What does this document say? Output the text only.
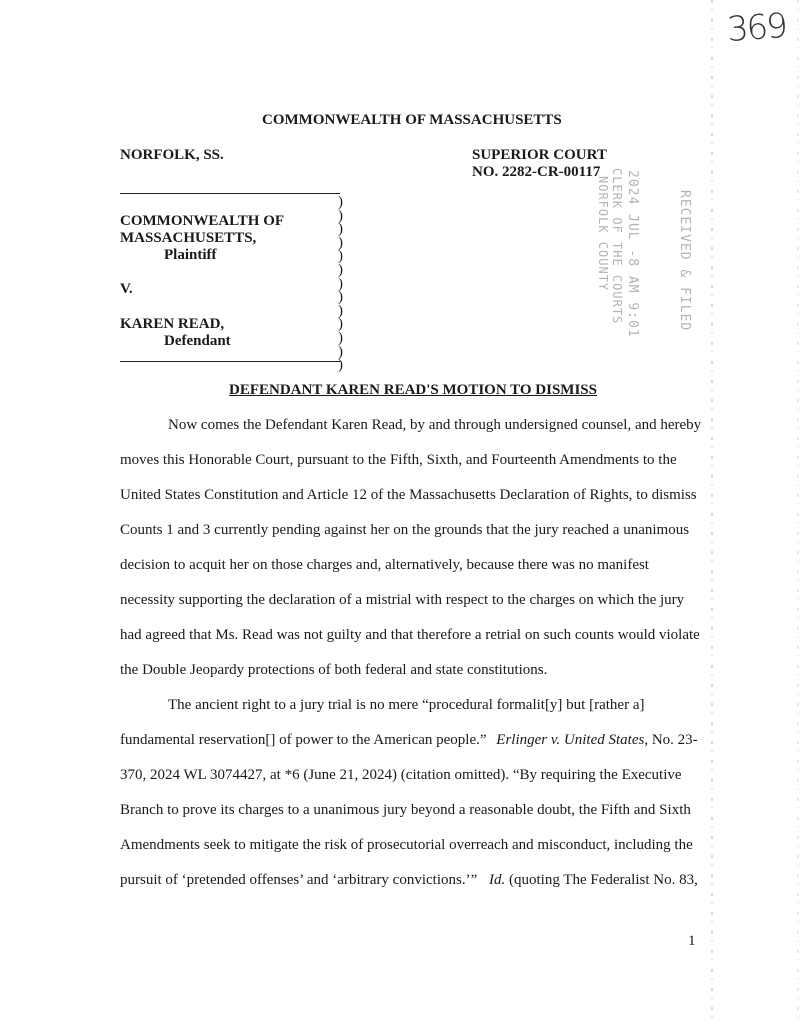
369
COMMONWEALTH OF MASSACHUSETTS
NORFOLK, SS.	SUPERIOR COURT
NO. 2282-CR-00117
COMMONWEALTH OF
MASSACHUSETTS,
Plaintiff
V.
KAREN READ,
Defendant
)
)
)
)
)
)
)
)
)
)
)
)
)
2024 JUL -8 AM 9:01	RECEIVED & FILED
CLERK OF THE COURTS
NORFOLK COUNTY
DEFENDANT KAREN READ'S MOTION TO DISMISS
Now comes the Defendant Karen Read, by and through undersigned counsel, and hereby
moves this Honorable Court, pursuant to the Fifth, Sixth, and Fourteenth Amendments to the
United States Constitution and Article 12 of the Massachusetts Declaration of Rights, to dismiss
Counts 1 and 3 currently pending against her on the grounds that the jury reached a unanimous
decision to acquit her on those charges and, alternatively, because there was no manifest
necessity supporting the declaration of a mistrial with respect to the charges on which the jury
had agreed that Ms. Read was not guilty and that therefore a retrial on such counts would violate
the Double Jeopardy protections of both federal and state constitutions.
The ancient right to a jury trial is no mere “procedural formalit[y] but [rather a]
fundamental reservation[] of power to the American people.” Erlinger v. United States, No. 23-
370, 2024 WL 3074427, at *6 (June 21, 2024) (citation omitted). “By requiring the Executive
Branch to prove its charges to a unanimous jury beyond a reasonable doubt, the Fifth and Sixth
Amendments seek to mitigate the risk of prosecutorial overreach and misconduct, including the
pursuit of ‘pretended offenses’ and ‘arbitrary convictions.’” Id. (quoting The Federalist No. 83,
1
